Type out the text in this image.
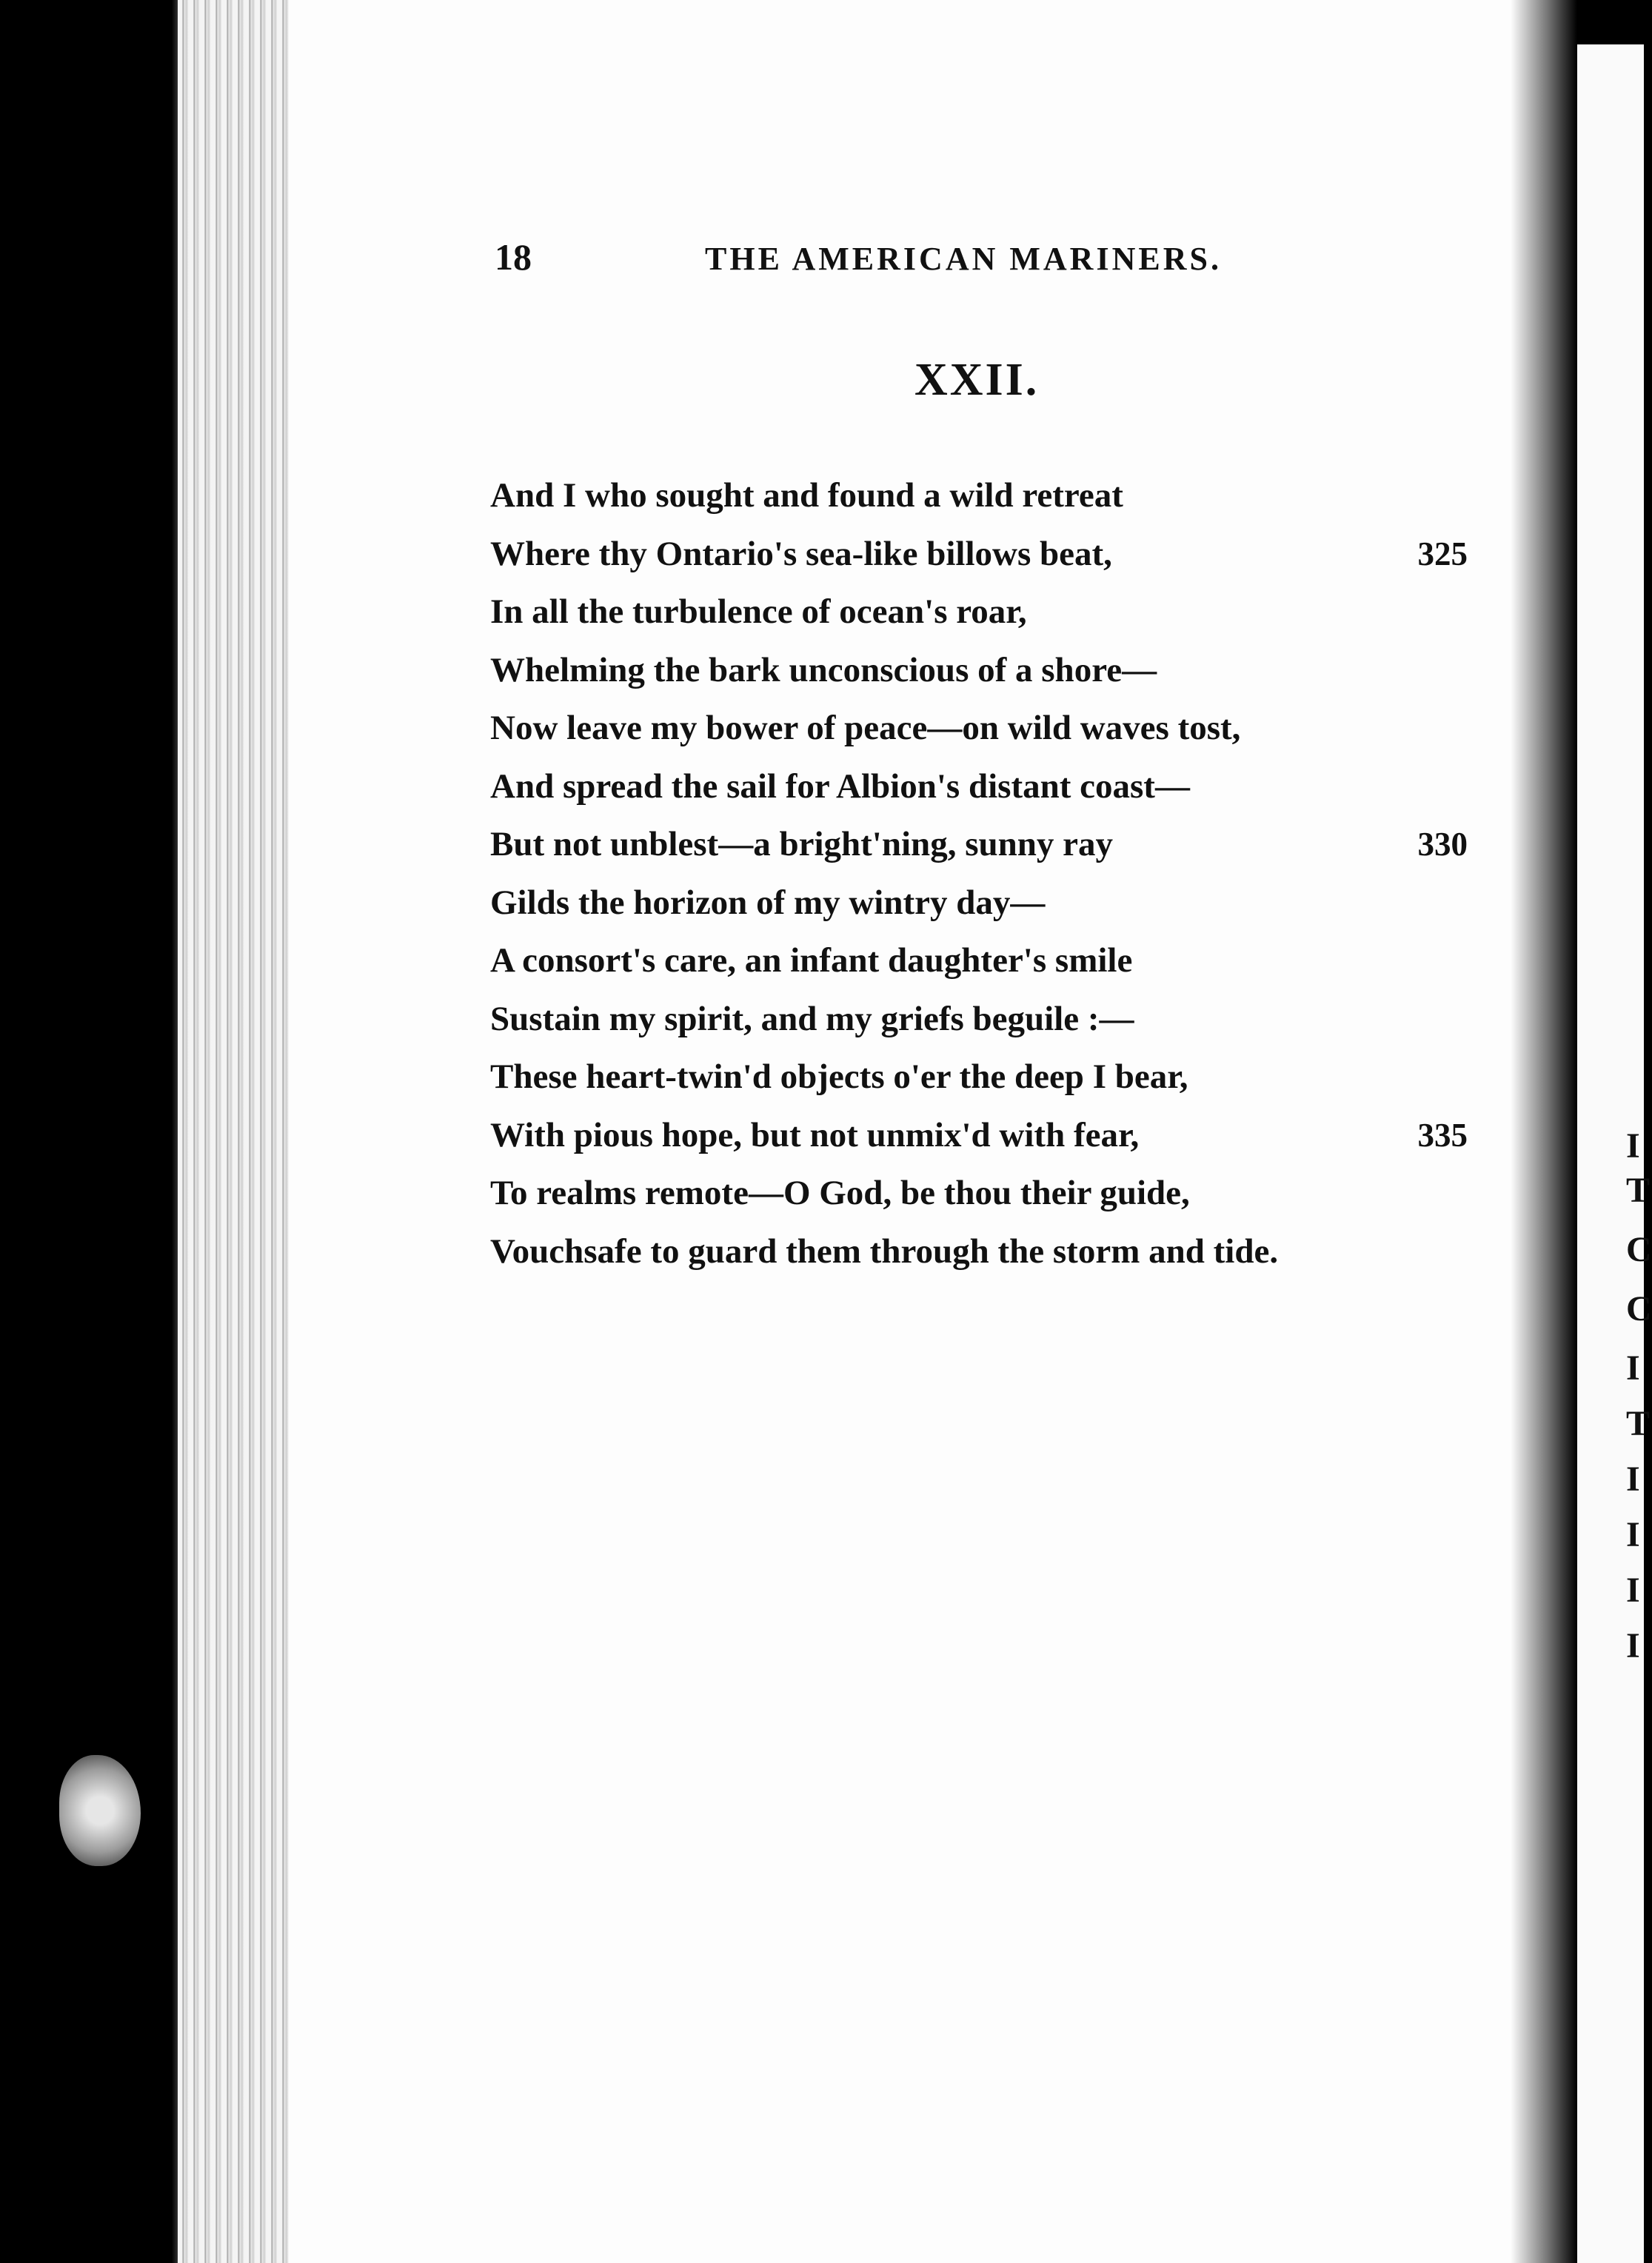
I
T
C
C
I
T
I
I
I
I
18	THE AMERICAN MARINERS.
XXII.
And I who sought and found a wild retreat
Where thy Ontario's sea-like billows beat,	325
In all the turbulence of ocean's roar,
Whelming the bark unconscious of a shore—
Now leave my bower of peace—on wild waves tost,
And spread the sail for Albion's distant coast—
But not unblest—a bright'ning, sunny ray	330
Gilds the horizon of my wintry day—
A consort's care, an infant daughter's smile
Sustain my spirit, and my griefs beguile :—
These heart-twin'd objects o'er the deep I bear,
With pious hope, but not unmix'd with fear,	335
To realms remote—O God, be thou their guide,
Vouchsafe to guard them through the storm and tide.
